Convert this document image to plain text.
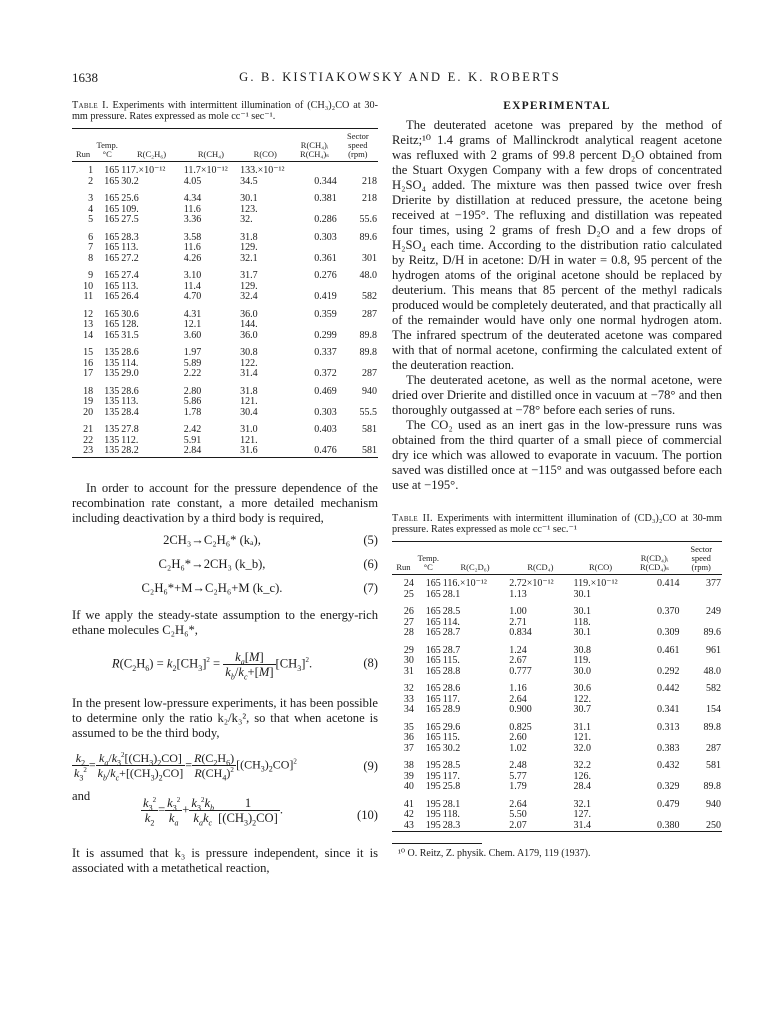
1638	G. B. KISTIAKOWSKY AND E. K. ROBERTS

Table I. Experiments with intermittent illumination of (CH₃)₂CO at 30-mm pressure. Rates expressed as mole cc⁻¹ sec⁻¹.

Run	Temp. °C	R(C₂H₆)	R(CH₄)	R(CO)	R(CH₄)ᵢ R(CH₄)ₛ	Sector speed (rpm)
1	165	117.×10⁻¹²	11.7×10⁻¹²	133.×10⁻¹²		
2	165	30.2	4.05	34.5	0.344	218
3	165	25.6	4.34	30.1	0.381	218
4	165	109.	11.6	123.		
5	165	27.5	3.36	32.	0.286	55.6
6	165	28.3	3.58	31.8	0.303	89.6
7	165	113.	11.6	129.		
8	165	27.2	4.26	32.1	0.361	301
9	165	27.4	3.10	31.7	0.276	48.0
10	165	113.	11.4	129.		
11	165	26.4	4.70	32.4	0.419	582
12	165	30.6	4.31	36.0	0.359	287
13	165	128.	12.1	144.		
14	165	31.5	3.60	36.0	0.299	89.8
15	135	28.6	1.97	30.8	0.337	89.8
16	135	114.	5.89	122.		
17	135	29.0	2.22	31.4	0.372	287
18	135	28.6	2.80	31.8	0.469	940
19	135	113.	5.86	121.		
20	135	28.4	1.78	30.4	0.303	55.5
21	135	27.8	2.42	31.0	0.403	581
22	135	112.	5.91	121.		
23	135	28.2	2.84	31.6	0.476	581

In order to account for the pressure dependence of the recombination rate constant, a more detailed mechanism including deactivation by a third body is required,

2CH₃→C₂H₆* (kₐ),	(5)
C₂H₆*→2CH₃ (k_b),	(6)
C₂H₆*+M→C₂H₆+M (k_c).	(7)

If we apply the steady-state assumption to the energy-rich ethane molecules C₂H₆*,

$R(C_2H_6) = k_2[CH_3]^2 = \frac{k_a[M]}{k_b/k_c+[M]} [CH_3]^2$.	(8)

In the present low-pressure experiments, it has been possible to determine only the ratio k₂/k₃², so that when acetone is assumed to be the third body,

$\frac{k_2}{k_3^2} = \frac{k_a/k_3^2[(CH_3)_2CO]}{k_b/k_c+[(CH_3)_2CO]} = \frac{R(C_2H_6)}{R(CH_4)^2} [(CH_3)_2CO]^2$	(9)

and	$\frac{k_3^2}{k_2} = \frac{k_3^2}{k_a} + \frac{k_3^2k_b}{k_ak_c} \frac{1}{[(CH_3)_2CO]}$ .	(10)

It is assumed that k₃ is pressure independent, since it is associated with a metathetical reaction,

EXPERIMENTAL

The deuterated acetone was prepared by the method of Reitz;¹⁰ 1.4 grams of Mallinckrodt analytical reagent acetone was refluxed with 2 grams of 99.8 percent D₂O obtained from the Stuart Oxygen Company with a few drops of concentrated H₂SO₄ added. The mixture was then passed twice over fresh Drierite by distillation at reduced pressure, the acetone being received at −195°. The refluxing and distillation was repeated four times, using 2 grams of fresh D₂O and a few drops of H₂SO₄ each time. According to the distribution ratio calculated by Reitz, D/H in acetone: D/H in water = 0.8, 95 percent of the hydrogen atoms of the original acetone should be replaced by deuterium. This means that 85 percent of the methyl radicals produced would be completely deuterated, and that practically all of the remainder would have only one normal hydrogen atom. The infrared spectrum of the deuterated acetone was compared with that of normal acetone, confirming the calculated extent of the deuteration reaction.

The deuterated acetone, as well as the normal acetone, were dried over Drierite and distilled once in vacuum at −78° and then thoroughly outgassed at −78° before each series of runs.

The CO₂ used as an inert gas in the low-pressure runs was obtained from the third quarter of a small piece of commercial dry ice which was allowed to evaporate in vacuum. The portion saved was distilled once at −115° and was outgassed before each use at −195°.

Table II. Experiments with intermittent illumination of (CD₃)₂CO at 30-mm pressure. Rates expressed as mole cc⁻¹ sec.⁻¹

Run	Temp. °C	R(C₂D₆)	R(CD₄)	R(CO)	R(CD₄)ᵢ R(CD₄)ₛ	Sector speed (rpm)
24	165	116.×10⁻¹²	2.72×10⁻¹²	119.×10⁻¹²	0.414	377
25	165	28.1	1.13	30.1		
26	165	28.5	1.00	30.1	0.370	249
27	165	114.	2.71	118.		
28	165	28.7	0.834	30.1	0.309	89.6
29	165	28.7	1.24	30.8	0.461	961
30	165	115.	2.67	119.		
31	165	28.8	0.777	30.0	0.292	48.0
32	165	28.6	1.16	30.6	0.442	582
33	165	117.	2.64	122.		
34	165	28.9	0.900	30.7	0.341	154
35	165	29.6	0.825	31.1	0.313	89.8
36	165	115.	2.60	121.		
37	165	30.2	1.02	32.0	0.383	287
38	195	28.5	2.48	32.2	0.432	581
39	195	117.	5.77	126.		
40	195	25.8	1.79	28.4	0.329	89.8
41	195	28.1	2.64	32.1	0.479	940
42	195	118.	5.50	127.		
43	195	28.3	2.07	31.4	0.380	250

¹⁰ O. Reitz, Z. physik. Chem. A179, 119 (1937).
